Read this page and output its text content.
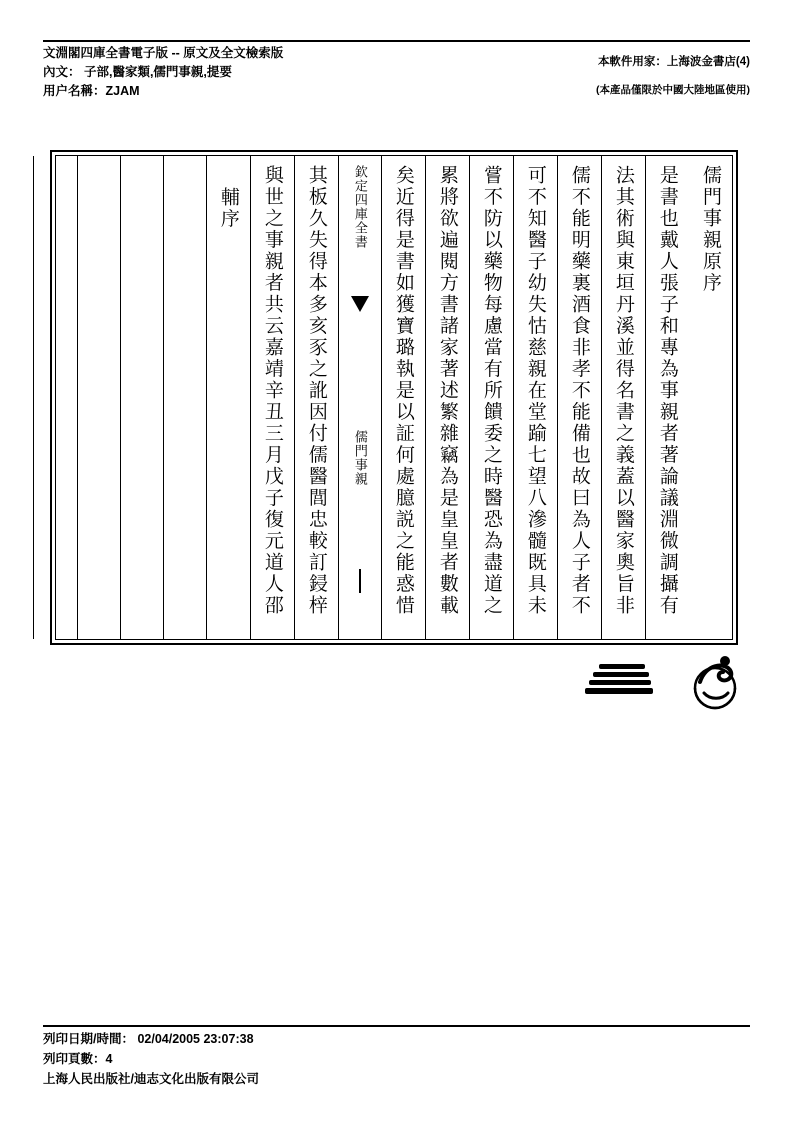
文淵閣四庫全書電子版 -- 原文及全文檢索版
內文： 子部,醫家類,儒門事親,提要
用户名稱：ZJAM
本軟件用家：上海波金書店(4)
(本產品僅限於中國大陸地區使用)
儒門事親原序
是書也戴人張子和專為事親者著論議淵微調攝有
法其術與東垣丹溪並得名書之義蓋以醫家奧旨非
儒不能明藥裏酒食非孝不能備也故曰為人子者不
可不知醫子幼失怙慈親在堂踰七望八滲髓既具未
嘗不防以藥物每慮當有所饋委之時醫恐為盡道之
累將欲遍閱方書諸家著述繁雜竊為是皇皇者數載
矣近得是書如獲寶璐執是以証何處臆説之能惑惜
欽定四庫全書
儒門事親
其板久失得本多亥豕之訛因付儒醫閭忠較訂鋟梓
與世之事親者共云嘉靖辛丑三月戊子復元道人邵
輔序
列印日期/時間： 02/04/2005 23:07:38
列印頁數：4
上海人民出版社/迪志文化出版有限公司
